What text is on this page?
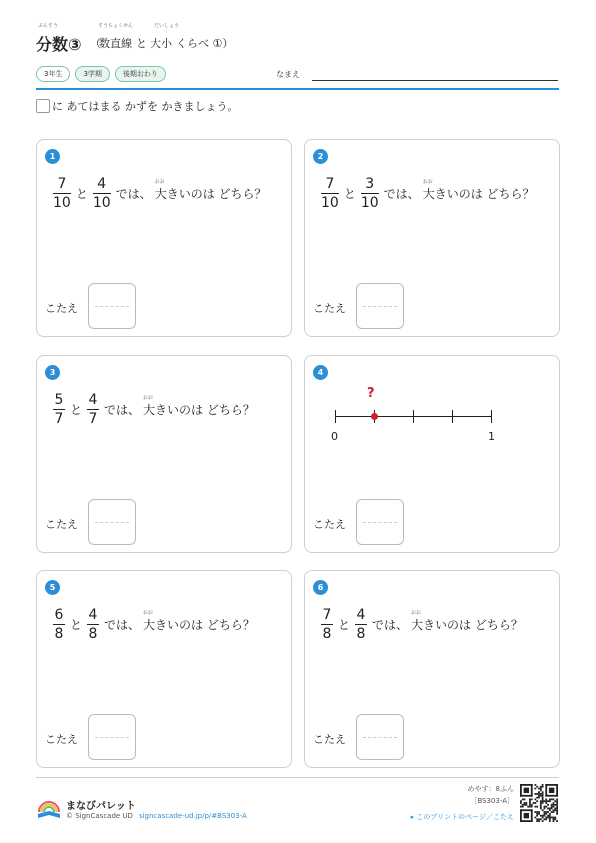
ぶんすう
分数③ （
すうちょくせん
数直線 と
だいしょう
大小 くらべ ①）
3年生	3学期	後期おわり	なまえ
に あてはまる かずを かきましょう。
1
$\frac{7}{10}$ と $\frac{4}{10}$ では、
おお
大 きいのは どちら？
こたえ
2
$\frac{7}{10}$ と $\frac{3}{10}$ では、
おお
大 きいのは どちら？
こたえ
3
$\frac{5}{7}$ と $\frac{4}{7}$ では、
おお
大 きいのは どちら？
こたえ
4
?
0	1
こたえ
5
$\frac{6}{8}$ と $\frac{4}{8}$ では、
おお
大 きいのは どちら？
こたえ
6
$\frac{7}{8}$ と $\frac{4}{8}$ では、
おお
大 きいのは どちら？
こたえ
まなびパレット
© SignCascade UD signcascade-ud.jp/p/#BS303-A
めやす：8ふん
［BS303-A］
▸ このプリントのページ／こたえ
